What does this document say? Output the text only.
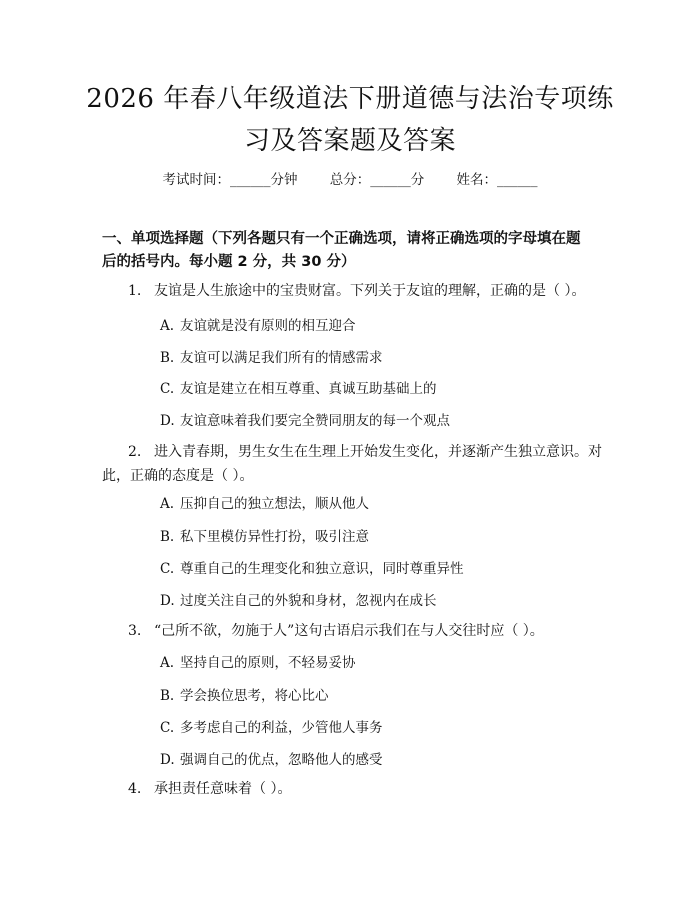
2026 年春八年级道法下册道德与法治专项练
习及答案题及答案
考试时间：______分钟 总分：______分 姓名：______
一、单项选择题（下列各题只有一个正确选项，请将正确选项的字母填在题后的括号内。每小题 2 分，共 30 分）
1. 友谊是人生旅途中的宝贵财富。下列关于友谊的理解，正确的是（ ）。
A. 友谊就是没有原则的相互迎合
B. 友谊可以满足我们所有的情感需求
C. 友谊是建立在相互尊重、真诚互助基础上的
D. 友谊意味着我们要完全赞同朋友的每一个观点
2. 进入青春期，男生女生在生理上开始发生变化，并逐渐产生独立意识。对
此，正确的态度是（ ）。
A. 压抑自己的独立想法，顺从他人
B. 私下里模仿异性打扮，吸引注意
C. 尊重自己的生理变化和独立意识，同时尊重异性
D. 过度关注自己的外貌和身材，忽视内在成长
3. “己所不欲，勿施于人”这句古语启示我们在与人交往时应（ ）。
A. 坚持自己的原则，不轻易妥协
B. 学会换位思考，将心比心
C. 多考虑自己的利益，少管他人事务
D. 强调自己的优点，忽略他人的感受
4. 承担责任意味着（ ）。
